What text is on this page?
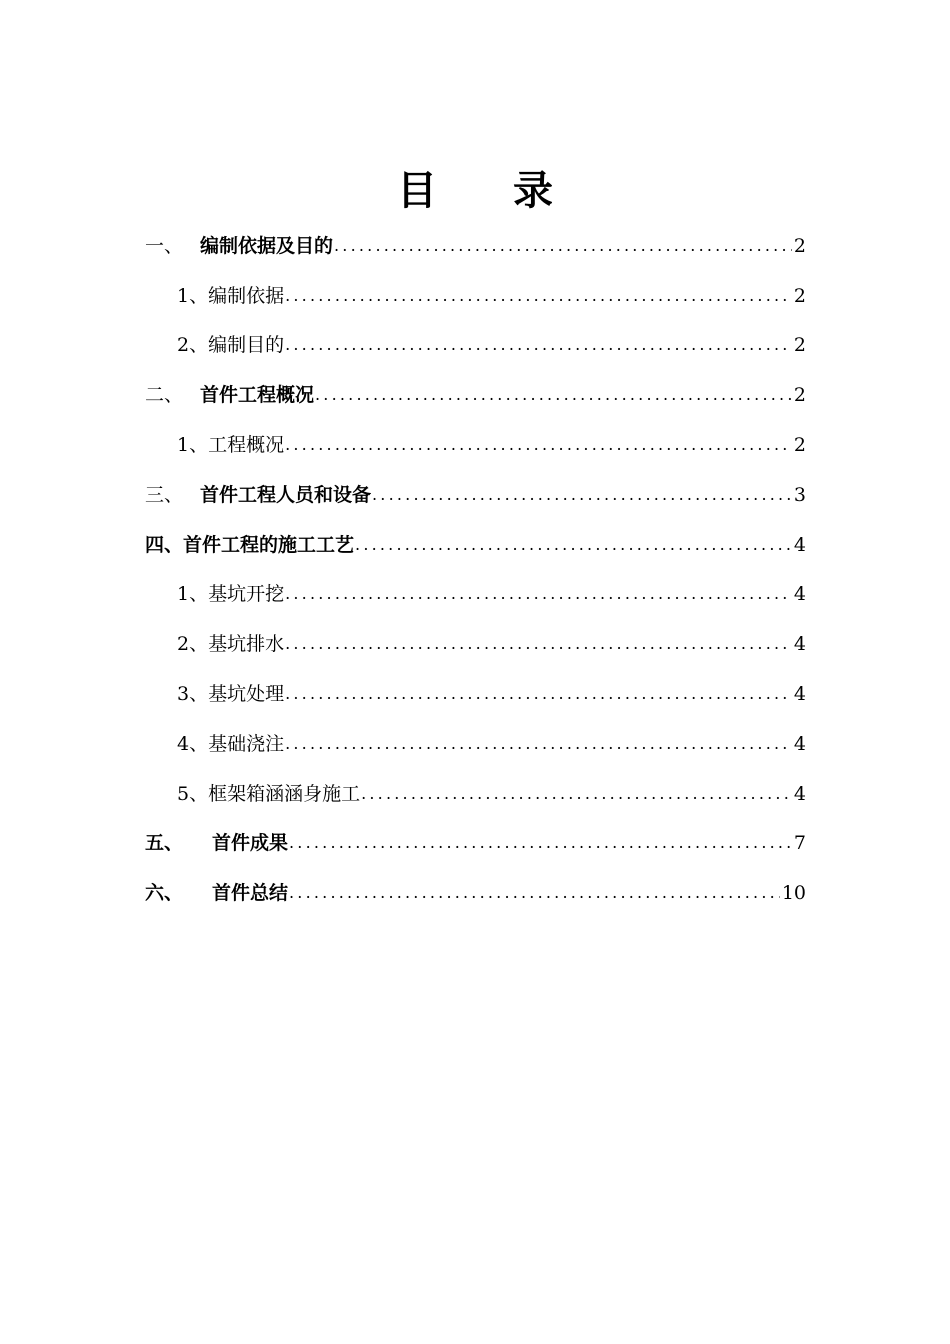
目 录
一、 编制依据及目的 .....	2
1、 编制依据 .....	2
2、 编制目的 .....	2
二、 首件工程概况 .....	2
1、 工程概况 .....	2
三、 首件工程人员和设备 .....	3
四、 首件工程的施工工艺 .....	4
1、 基坑开挖 .....	4
2、 基坑排水 .....	4
3、 基坑处理 .....	4
4、 基础浇注 .....	4
5、 框架箱涵涵身施工 .....	4
五、	首件成果 .....	7
六、	首件总结 .....	10
